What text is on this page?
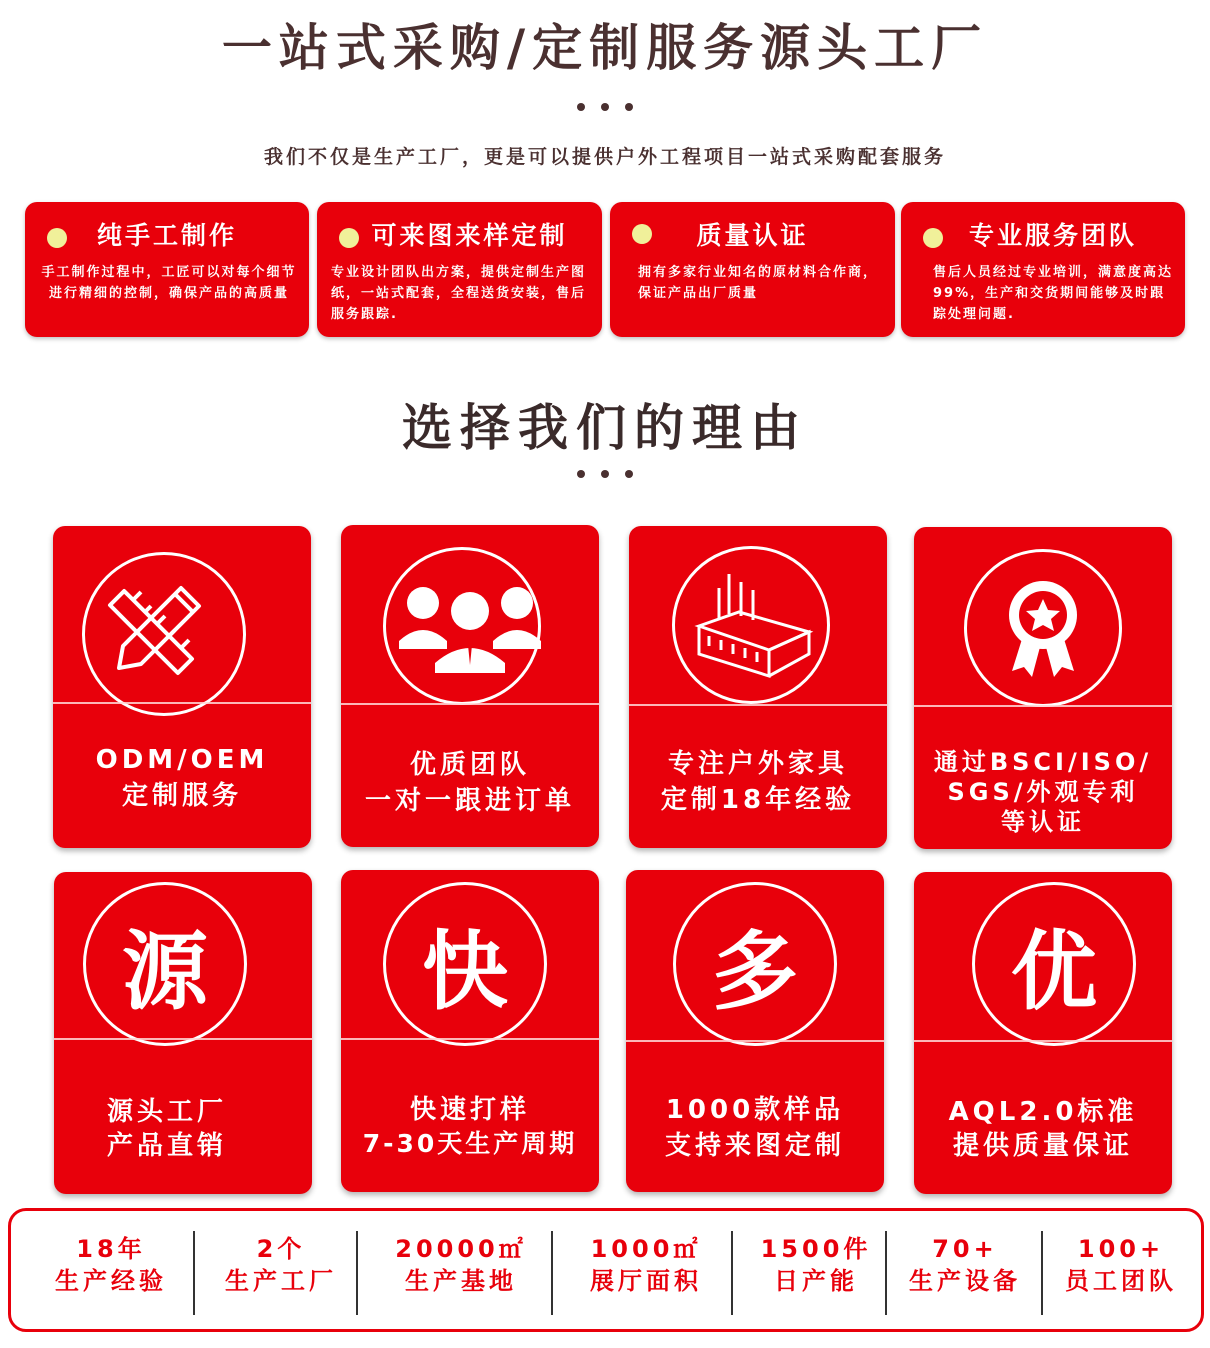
一站式采购/定制服务源头工厂
我们不仅是生产工厂，更是可以提供户外工程项目一站式采购配套服务
纯手工制作
手工制作过程中，工匠可以对每个细节进行精细的控制，确保产品的高质量
可来图来样定制
专业设计团队出方案，提供定制生产图纸，一站式配套，全程送货安装，售后服务跟踪.
质量认证
拥有多家行业知名的原材料合作商，保证产品出厂质量
专业服务团队
售后人员经过专业培训，满意度高达99%，生产和交货期间能够及时跟踪处理问题.
选择我们的理由
ODM/OEM
定制服务
优质团队
一对一跟进订单
专注户外家具
定制18年经验
通过BSCI/ISO/
SGS/外观专利
等认证
源
源头工厂
产品直销
快
快速打样
7-30天生产周期
多
1000款样品
支持来图定制
优
AQL2.0标准
提供质量保证
18年
生产经验
2个
生产工厂
20000㎡
生产基地
1000㎡
展厅面积
1500件
日产能
70+
生产设备
100+
员工团队
